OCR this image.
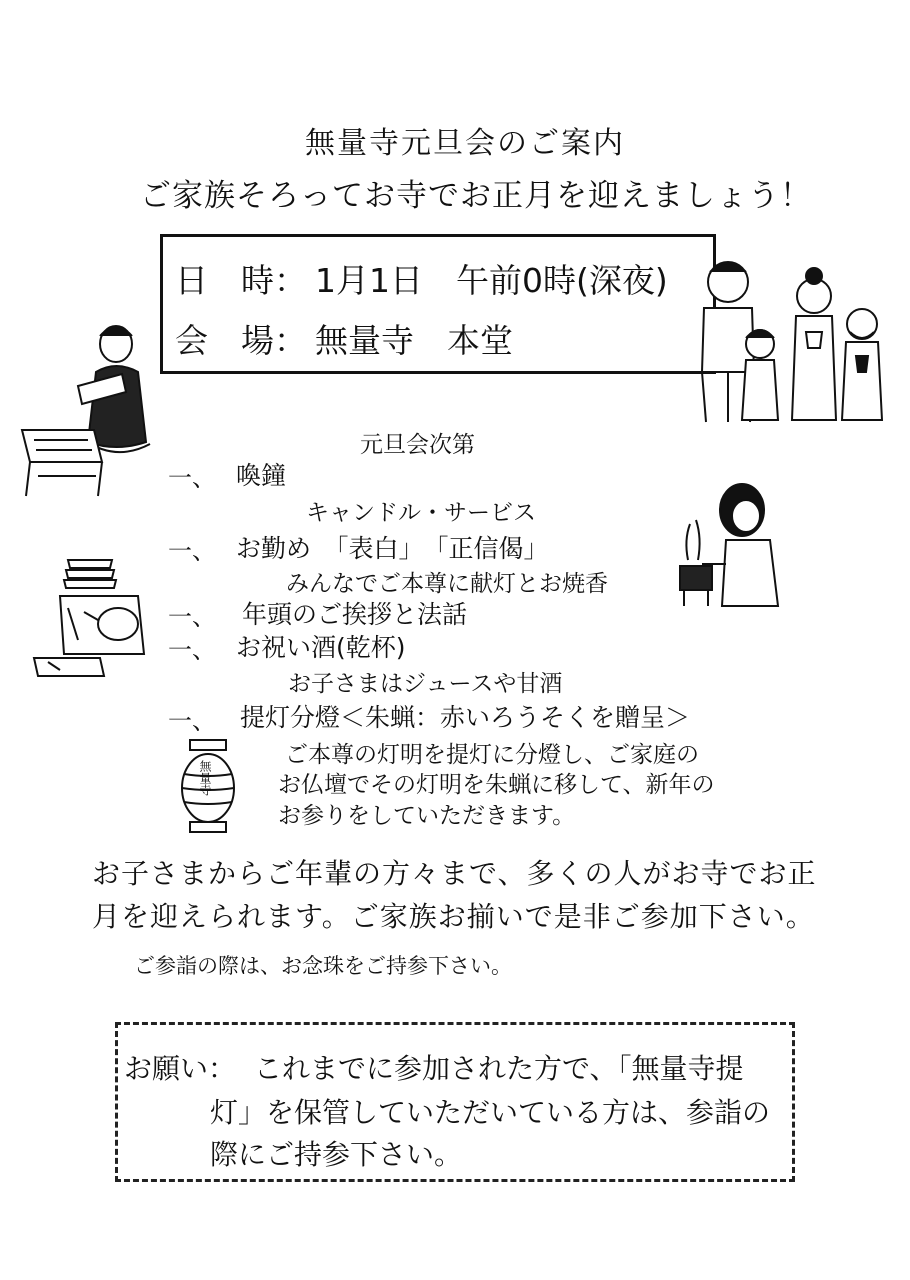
無量寺元旦会のご案内
ご家族そろってお寺でお正月を迎えましょう！
日　時： 1月1日　午前0時(深夜)
会　場： 無量寺　本堂
元旦会次第
一、 喚鐘
キャンドル・サービス
一、 お勤め　「表白」　「正信偈」
みんなでご本尊に献灯とお焼香
一、 年頭のご挨拶と法話
一、 お祝い酒(乾杯)
お子さまはジュースや甘酒
一、 提灯分燈＜朱蝋：赤いろうそくを贈呈＞
ご本尊の灯明を提灯に分燈し、ご家庭の
お仏壇でその灯明を朱蝋に移して、新年の
お参りをしていただきます。
お子さまからご年輩の方々まで、多くの人がお寺でお正
月を迎えられます。ご家族お揃いで是非ご参加下さい。
ご参詣の際は、お念珠をご持参下さい。
お願い： これまでに参加された方で、「無量寺提
灯」を保管していただいている方は、参詣の
際にご持参下さい。
無量寺
